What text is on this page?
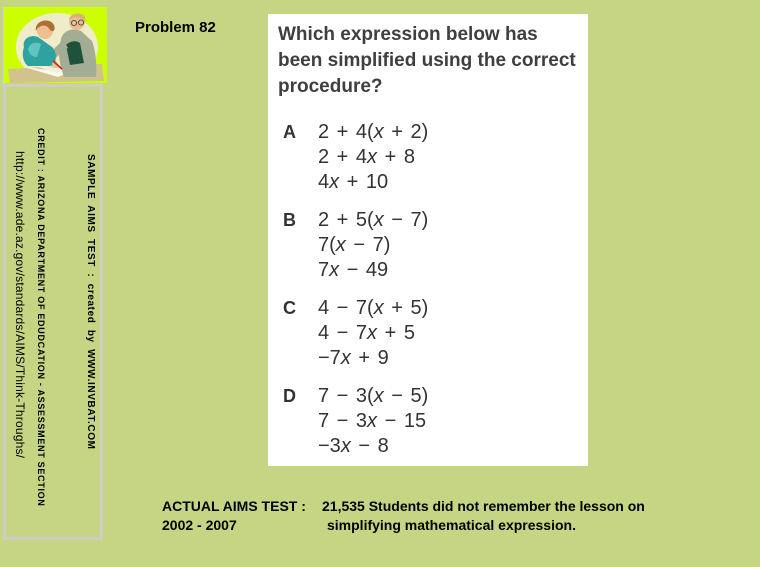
SAMPLE AIMS TEST : created by WWW.INVBAT.COM
CREDIT : ARIZONA DEPARTMENT OF EDUDCATION - ASSESSMENT SECTION
http://www.ade.az.gov/standards/AIMS/Think-Throughs/
Problem 82	Which expression below has
been simplified using the correct
procedure?
A	2 + 4(x + 2)
2 + 4x + 8
4x + 10
B	2 + 5(x − 7)
7(x − 7)
7x − 49
C	4 − 7(x + 5)
4 − 7x + 5
−7x + 9
D	7 − 3(x − 5)
7 − 3x − 15
−3x − 8
ACTUAL AIMS TEST :
2002 - 2007
21,535 Students did not remember the lesson on
simplifying mathematical expression.
